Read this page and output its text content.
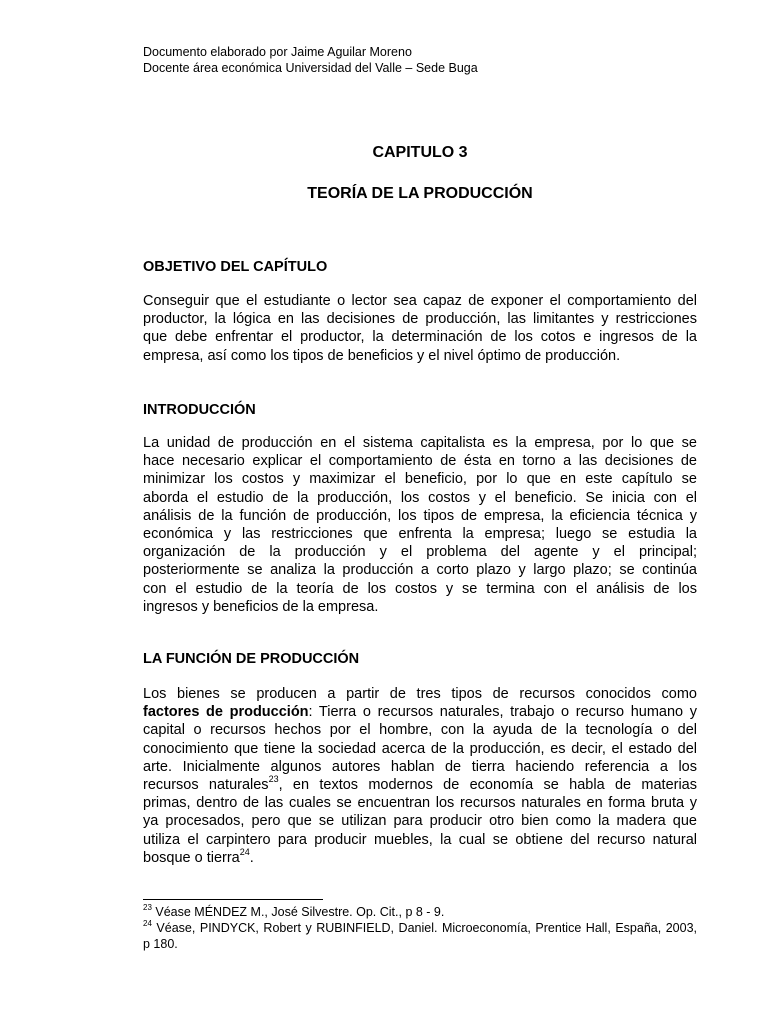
Documento elaborado por Jaime Aguilar Moreno
Docente área económica Universidad del Valle – Sede Buga
CAPITULO 3
TEORÍA DE LA PRODUCCIÓN
OBJETIVO DEL CAPÍTULO
Conseguir que el estudiante o lector sea capaz de exponer el comportamiento del
productor, la lógica en las decisiones de producción, las limitantes y restricciones
que debe enfrentar el productor, la determinación de los cotos e ingresos de la
empresa, así como los tipos de beneficios y el nivel óptimo de producción.
INTRODUCCIÓN
La unidad de producción en el sistema capitalista es la empresa, por lo que se
hace necesario explicar el comportamiento de ésta en torno a las decisiones de
minimizar los costos y maximizar el beneficio, por lo que en este capítulo se
aborda el estudio de la producción, los costos y el beneficio. Se inicia con el
análisis de la función de producción, los tipos de empresa, la eficiencia técnica y
económica y las restricciones que enfrenta la empresa; luego se estudia la
organización de la producción y el problema del agente y el principal;
posteriormente se analiza la producción a corto plazo y largo plazo; se continúa
con el estudio de la teoría de los costos y se termina con el análisis de los
ingresos y beneficios de la empresa.
LA FUNCIÓN DE PRODUCCIÓN
Los bienes se producen a partir de tres tipos de recursos conocidos como
factores de producción: Tierra o recursos naturales, trabajo o recurso humano y
capital o recursos hechos por el hombre, con la ayuda de la tecnología o del
conocimiento que tiene la sociedad acerca de la producción, es decir, el estado del
arte. Inicialmente algunos autores hablan de tierra haciendo referencia a los
recursos naturales$^{23}$, en textos modernos de economía se habla de materias
primas, dentro de las cuales se encuentran los recursos naturales en forma bruta y
ya procesados, pero que se utilizan para producir otro bien como la madera que
utiliza el carpintero para producir muebles, la cual se obtiene del recurso natural
bosque o tierra$^{24}$.
$^{23}$ Véase MÉNDEZ M., José Silvestre. Op. Cit., p 8 - 9.
$^{24}$ Véase, PINDYCK, Robert y RUBINFIELD, Daniel. Microeconomía, Prentice Hall, España, 2003,
p 180.
